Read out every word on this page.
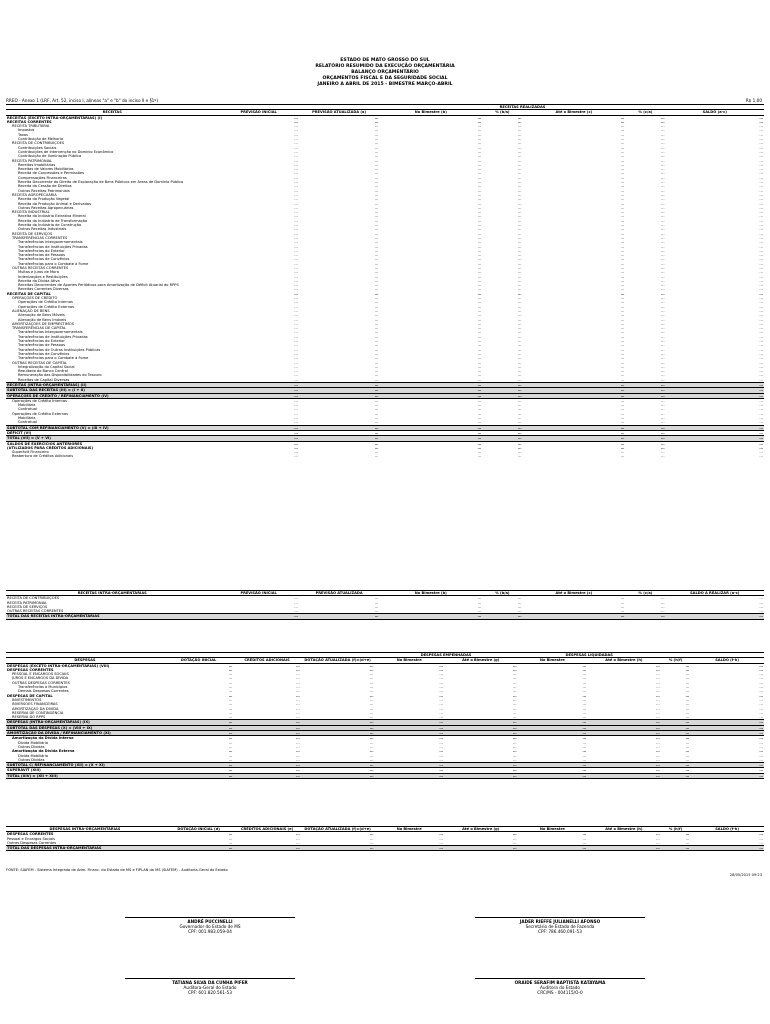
ESTADO DE MATO GROSSO DO SUL
RELATÓRIO RESUMIDO DA EXECUÇÃO ORÇAMENTÁRIA
BALANÇO ORÇAMENTÁRIO
ORÇAMENTOS FISCAL E DA SEGURIDADE SOCIAL
JANEIRO A ABRIL DE 2015 - BIMESTRE MARÇO-ABRIL
RREO - Anexo 1 (LRF, Art. 52, inciso I, alíneas "a" e "b" do inciso II e §1º)	R$ 1,00
			RECEITAS REALIZADAS				
RECEITAS	PREVISÃO INICIAL	PREVISÃO ATUALIZADA (a)	No Bimestre (b)	% (b/a)	Até o Bimestre (c)	% (c/a)	SALDO (a-c)
RECEITAS (EXCETO INTRA-ORÇAMENTÁRIAS) (I)	…	…	…	…	…	…	…
RECEITAS CORRENTES	…	…	…	…	…	…	…
RECEITA TRIBUTÁRIA	…	…	…	…	…	…	…
Impostos	…	…	…	…	…	…	…
Taxas	…	…	…	…	…	…	…
Contribuição de Melhoria	…	…	…	…	…	…	…
RECEITA DE CONTRIBUIÇÕES	…	…	…	…	…	…	…
Contribuições Sociais	…	…	…	…	…	…	…
Contribuições de Intervenção no Domínio Econômico	…	…	…	…	…	…	…
Contribuição de Iluminação Pública	…	…	…	…	…	…	…
RECEITA PATRIMONIAL	…	…	…	…	…	…	…
Receitas Imobiliárias	…	…	…	…	…	…	…
Receitas de Valores Mobiliários	…	…	…	…	…	…	…
Receita de Concessões e Permissões	…	…	…	…	…	…	…
Compensações Financeiras	…	…	…	…	…	…	…
Receita Decorrente do Direito de Exploração de Bens Públicos em Áreas de Domínio Público	…	…	…	…	…	…	…
Receita da Cessão de Direitos	…	…	…	…	…	…	…
Outras Receitas Patrimoniais	…	…	…	…	…	…	…
RECEITA AGROPECUÁRIA	…	…	…	…	…	…	…
Receita da Produção Vegetal	…	…	…	…	…	…	…
Receita da Produção Animal e Derivados	…	…	…	…	…	…	…
Outras Receitas Agropecuárias	…	…	…	…	…	…	…
RECEITA INDUSTRIAL	…	…	…	…	…	…	…
Receita da Indústria Extrativa Mineral	…	…	…	…	…	…	…
Receita da Indústria de Transformação	…	…	…	…	…	…	…
Receita da Indústria de Construção	…	…	…	…	…	…	…
Outras Receitas Industriais	…	…	…	…	…	…	…
RECEITA DE SERVIÇOS	…	…	…	…	…	…	…
TRANSFERÊNCIAS CORRENTES	…	…	…	…	…	…	…
Transferências Intergovernamentais	…	…	…	…	…	…	…
Transferências de Instituições Privadas	…	…	…	…	…	…	…
Transferências do Exterior	…	…	…	…	…	…	…
Transferências de Pessoas	…	…	…	…	…	…	…
Transferências de Convênios	…	…	…	…	…	…	…
Transferências para o Combate à Fome	…	…	…	…	…	…	…
OUTRAS RECEITAS CORRENTES	…	…	…	…	…	…	…
Multas e Juros de Mora	…	…	…	…	…	…	…
Indenizações e Restituições	…	…	…	…	…	…	…
Receita da Dívida Ativa	…	…	…	…	…	…	…
Receitas Decorrentes de Aportes Periódicos para Amortização de Déficit Atuarial do RPPS	…	…	…	…	…	…	…
Receitas Correntes Diversas	…	…	…	…	…	…	…
RECEITAS DE CAPITAL	…	…	…	…	…	…	…
OPERAÇÕES DE CRÉDITO	…	…	…	…	…	…	…
Operações de Crédito Internas	…	…	…	…	…	…	…
Operações de Crédito Externas	…	…	…	…	…	…	…
ALIENAÇÃO DE BENS	…	…	…	…	…	…	…
Alienação de Bens Móveis	…	…	…	…	…	…	…
Alienação de Bens Imóveis	…	…	…	…	…	…	…
AMORTIZAÇÕES DE EMPRÉSTIMOS	…	…	…	…	…	…	…
TRANSFERÊNCIAS DE CAPITAL	…	…	…	…	…	…	…
Transferências Intergovernamentais	…	…	…	…	…	…	…
Transferências de Instituições Privadas	…	…	…	…	…	…	…
Transferências do Exterior	…	…	…	…	…	…	…
Transferências de Pessoas	…	…	…	…	…	…	…
Transferências de Outras Instituições Públicas	…	…	…	…	…	…	…
Transferências de Convênios	…	…	…	…	…	…	…
Transferências para o Combate à Fome	…	…	…	…	…	…	…
OUTRAS RECEITAS DE CAPITAL	…	…	…	…	…	…	…
Integralização do Capital Social	…	…	…	…	…	…	…
Resultado do Banco Central	…	…	…	…	…	…	…
Remuneração das Disponibilidades do Tesouro	…	…	…	…	…	…	…
Receitas de Capital Diversas	…	…	…	…	…	…	…
RECEITAS (INTRA-ORÇAMENTÁRIAS) (II)	…	…	…	…	…	…	…
SUBTOTAL DAS RECEITAS (III) = (I + II)	…	…	…	…	…	…	…
OPERAÇÕES DE CRÉDITO / REFINANCIAMENTO (IV)	…	…	…	…	…	…	…
Operações de Crédito Internas	…	…	…	…	…	…	…
Mobiliária	…	…	…	…	…	…	…
Contratual	…	…	…	…	…	…	…
Operações de Crédito Externas	…	…	…	…	…	…	…
Mobiliária	…	…	…	…	…	…	…
Contratual	…	…	…	…	…	…	…
SUBTOTAL COM REFINANCIAMENTO (V) = (III + IV)	…	…	…	…	…	…	…
DÉFICIT (VI)	…	…	…	…	…	…	…
TOTAL (VII) = (V + VI)	…	…	…	…	…	…	…
SALDOS DE EXERCÍCIOS ANTERIORES	…	…	…	…	…	…	…
(UTILIZADOS PARA CRÉDITOS ADICIONAIS)	…	…	…	…	…	…	…
Superávit Financeiro	…	…	…	…	…	…	…
Reabertura de Créditos Adicionais	…	…	…	…	…	…	…
RECEITAS INTRA-ORÇAMENTÁRIAS	PREVISÃO INICIAL	PREVISÃO ATUALIZADA	No Bimestre (b)	% (b/a)	Até o Bimestre (c)	% (c/a)	SALDO A REALIZAR (a-c)
RECEITA DE CONTRIBUIÇÕES	…	…	…	…	…	…	…
RECEITA PATRIMONIAL	…	…	…	…	…	…	…
RECEITA DE SERVIÇOS	…	…	…	…	…	…	…
OUTRAS RECEITAS CORRENTES	…	…	…	…	…	…	…
TOTAL DAS RECEITAS INTRA-ORÇAMENTÁRIAS	…	…	…	…	…	…	…
				DESPESAS EMPENHADAS		DESPESAS LIQUIDADAS			
DESPESAS	DOTAÇÃO INICIAL	CRÉDITOS ADICIONAIS	DOTAÇÃO ATUALIZADA (f)=(d+e)	No Bimestre	Até o Bimestre (g)	No Bimestre	Até o Bimestre (h)	% (h/f)	SALDO (f-h)
DESPESAS (EXCETO INTRA-ORÇAMENTÁRIAS) (VIII)	…	…	…	…	…	…	…	…	…
DESPESAS CORRENTES	…	…	…	…	…	…	…	…	…
PESSOAL E ENCARGOS SOCIAIS	…	…	…	…	…	…	…	…	…
JUROS E ENCARGOS DA DÍVIDA	…	…	…	…	…	…	…	…	…
OUTRAS DESPESAS CORRENTES	…	…	…	…	…	…	…	…	…
Transferências a Municípios	…	…	…	…	…	…	…	…	…
Demais Despesas Correntes	…	…	…	…	…	…	…	…	…
DESPESAS DE CAPITAL	…	…	…	…	…	…	…	…	…
INVESTIMENTOS	…	…	…	…	…	…	…	…	…
INVERSÕES FINANCEIRAS	…	…	…	…	…	…	…	…	…
AMORTIZAÇÃO DA DÍVIDA	…	…	…	…	…	…	…	…	…
RESERVA DE CONTINGÊNCIA	…	…	…	…	…	…	…	…	…
RESERVA DO RPPS	…	…	…	…	…	…	…	…	…
DESPESAS (INTRA-ORÇAMENTÁRIAS) (IX)	…	…	…	…	…	…	…	…	…
SUBTOTAL DAS DESPESAS (X) = (VIII + IX)	…	…	…	…	…	…	…	…	…
AMORTIZAÇÃO DA DÍVIDA / REFINANCIAMENTO (XI)	…	…	…	…	…	…	…	…	…
Amortização da Dívida Interna	…	…	…	…	…	…	…	…	…
Dívida Mobiliária	…	…	…	…	…	…	…	…	…
Outras Dívidas	…	…	…	…	…	…	…	…	…
Amortização da Dívida Externa	…	…	…	…	…	…	…	…	…
Dívida Mobiliária	…	…	…	…	…	…	…	…	…
Outras Dívidas	…	…	…	…	…	…	…	…	…
SUBTOTAL C/ REFINANCIAMENTO (XII) = (X + XI)	…	…	…	…	…	…	…	…	…
SUPERÁVIT (XIII)	…	…	…	…	…	…	…	…	…
TOTAL (XIV) = (XII + XIII)	…	…	…	…	…	…	…	…	…
DESPESAS INTRA-ORÇAMENTÁRIAS	DOTAÇÃO INICIAL (d)	CRÉDITOS ADICIONAIS (e)	DOTAÇÃO ATUALIZADA (f)=(d+e)	No Bimestre	Até o Bimestre (g)	No Bimestre	Até o Bimestre (h)	% (h/f)	SALDO (f-h)
DESPESAS CORRENTES	…	…	…	…	…	…	…	…	…
Pessoal e Encargos Sociais	…	…	…	…	…	…	…	…	…
Outras Despesas Correntes	…	…	…	…	…	…	…	…	…
TOTAL DAS DESPESAS INTRA-ORÇAMENTÁRIAS	…	…	…	…	…	…	…	…	…
FONTE: SIAFEM - Sistema Integrado de Adm. Financ. do Estado de MS e FIPLAN do MS (SIAFEM) - Auditoria-Geral do Estado
28/05/2015 09:23
ANDRÉ PUCCINELLI
Governador do Estado de MS
CPF: 001.983.059-04
JADER RIEFFE JULIANELLI AFONSO
Secretário de Estado de Fazenda
CPF: 786.460.091-53
TATIANA SILVA DA CUNHA PIFER
Auditora-Geral do Estado
CPF: 601.820.561-53
ORAIDE SERAFIM BAPTISTA KATAYAMA
Auditora do Estado
CRC/MS - 004115/O-0
